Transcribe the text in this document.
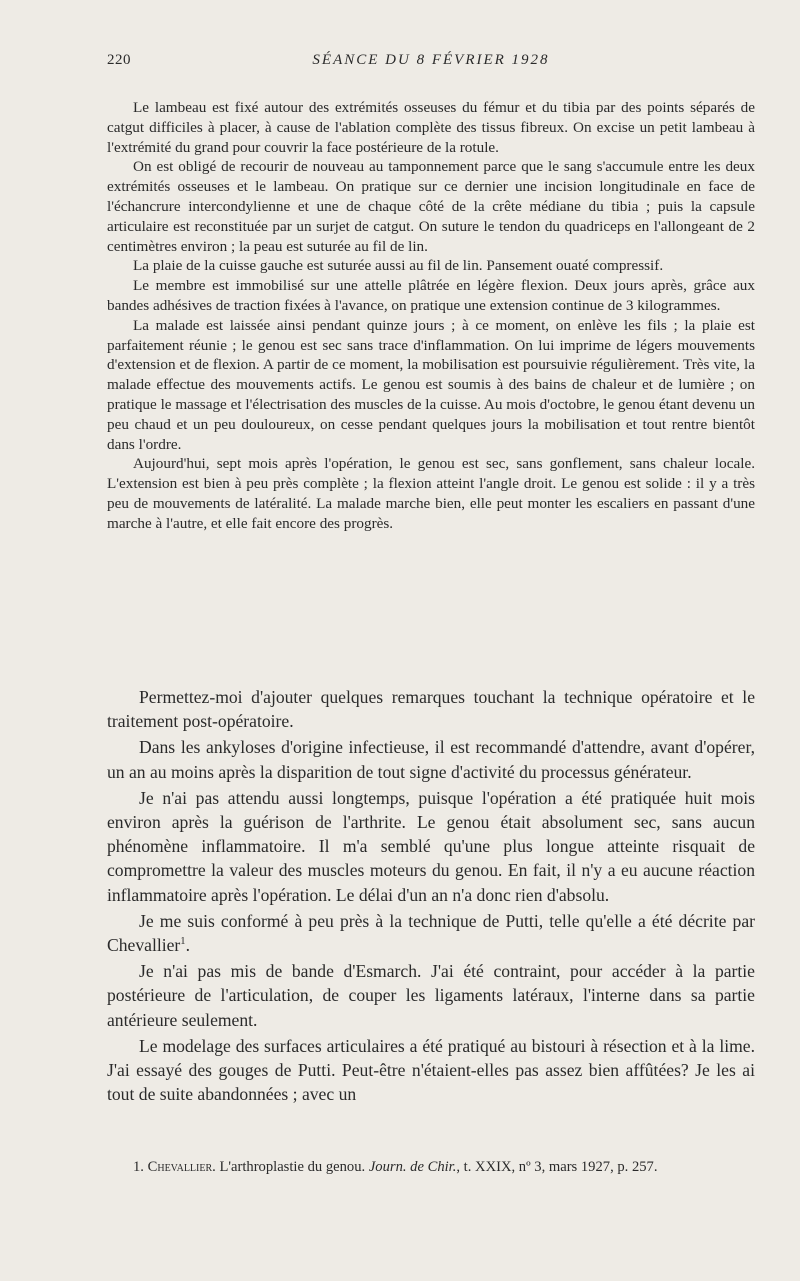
220	SÉANCE DU 8 FÉVRIER 1928

Le lambeau est fixé autour des extrémités osseuses du fémur et du tibia par des points séparés de catgut difficiles à placer, à cause de l'ablation complète des tissus fibreux. On excise un petit lambeau à l'extrémité du grand pour couvrir la face postérieure de la rotule.

On est obligé de recourir de nouveau au tamponnement parce que le sang s'accumule entre les deux extrémités osseuses et le lambeau. On pratique sur ce dernier une incision longitudinale en face de l'échancrure intercondylienne et une de chaque côté de la crête médiane du tibia ; puis la capsule articulaire est reconstituée par un surjet de catgut. On suture le tendon du quadriceps en l'allongeant de 2 centimètres environ ; la peau est suturée au fil de lin.

La plaie de la cuisse gauche est suturée aussi au fil de lin. Pansement ouaté compressif.

Le membre est immobilisé sur une attelle plâtrée en légère flexion. Deux jours après, grâce aux bandes adhésives de traction fixées à l'avance, on pratique une extension continue de 3 kilogrammes.

La malade est laissée ainsi pendant quinze jours ; à ce moment, on enlève les fils ; la plaie est parfaitement réunie ; le genou est sec sans trace d'inflammation. On lui imprime de légers mouvements d'extension et de flexion. A partir de ce moment, la mobilisation est poursuivie régulièrement. Très vite, la malade effectue des mouvements actifs. Le genou est soumis à des bains de chaleur et de lumière ; on pratique le massage et l'électrisation des muscles de la cuisse. Au mois d'octobre, le genou étant devenu un peu chaud et un peu douloureux, on cesse pendant quelques jours la mobilisation et tout rentre bientôt dans l'ordre.

Aujourd'hui, sept mois après l'opération, le genou est sec, sans gonflement, sans chaleur locale. L'extension est bien à peu près complète ; la flexion atteint l'angle droit. Le genou est solide : il y a très peu de mouvements de latéralité. La malade marche bien, elle peut monter les escaliers en passant d'une marche à l'autre, et elle fait encore des progrès.

Permettez-moi d'ajouter quelques remarques touchant la technique opératoire et le traitement post-opératoire.

Dans les ankyloses d'origine infectieuse, il est recommandé d'attendre, avant d'opérer, un an au moins après la disparition de tout signe d'activité du processus générateur.

Je n'ai pas attendu aussi longtemps, puisque l'opération a été pratiquée huit mois environ après la guérison de l'arthrite. Le genou était absolument sec, sans aucun phénomène inflammatoire. Il m'a semblé qu'une plus longue atteinte risquait de compromettre la valeur des muscles moteurs du genou. En fait, il n'y a eu aucune réaction inflammatoire après l'opération. Le délai d'un an n'a donc rien d'absolu.

Je me suis conformé à peu près à la technique de Putti, telle qu'elle a été décrite par Chevallier$^1$.

Je n'ai pas mis de bande d'Esmarch. J'ai été contraint, pour accéder à la partie postérieure de l'articulation, de couper les ligaments latéraux, l'interne dans sa partie antérieure seulement.

Le modelage des surfaces articulaires a été pratiqué au bistouri à résection et à la lime. J'ai essayé des gouges de Putti. Peut-être n'étaient-elles pas assez bien affûtées? Je les ai tout de suite abandonnées ; avec un

1. Chevallier. L'arthroplastie du genou. Journ. de Chir., t. XXIX, nº 3, mars 1927, p. 257.
